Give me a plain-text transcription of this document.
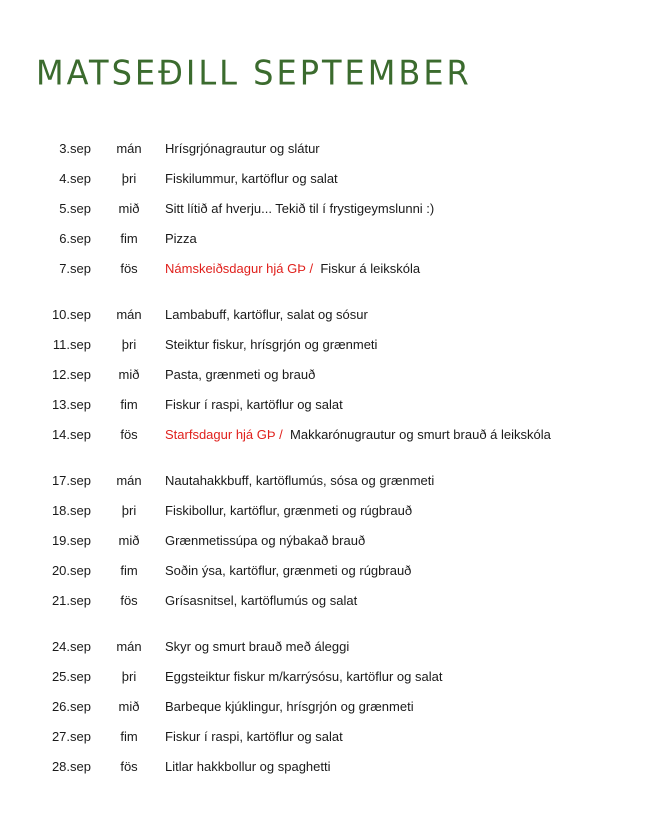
MATSEÐILL SEPTEMBER
3.sep mán Hrísgrjónagrautur og slátur
4.sep	þri	Fiskilummur, kartöflur og salat
5.sep	mið	Sitt lítið af hverju... Tekið til í frystigeymslunni :)
6.sep	fim	Pizza
7.sep	fös	Námskeiðsdagur hjá GÞ / Fiskur á leikskóla
10.sep mán Lambabuff, kartöflur, salat og sósur
11.sep	þri	Steiktur fiskur, hrísgrjón og grænmeti
12.sep	mið	Pasta, grænmeti og brauð
13.sep	fim	Fiskur í raspi, kartöflur og salat
14.sep	fös	Starfsdagur hjá GÞ / Makkarónugrautur og smurt brauð á leikskóla
17.sep mán Nautahakkbuff, kartöflumús, sósa og grænmeti
18.sep	þri	Fiskibollur, kartöflur, grænmeti og rúgbrauð
19.sep	mið	Grænmetissúpa og nýbakað brauð
20.sep	fim	Soðin ýsa, kartöflur, grænmeti og rúgbrauð
21.sep	fös	Grísasnitsel, kartöflumús og salat
24.sep mán Skyr og smurt brauð með áleggi
25.sep	þri	Eggsteiktur fiskur m/karrýsósu, kartöflur og salat
26.sep	mið	Barbeque kjúklingur, hrísgrjón og grænmeti
27.sep	fim	Fiskur í raspi, kartöflur og salat
28.sep	fös	Litlar hakkbollur og spaghetti
